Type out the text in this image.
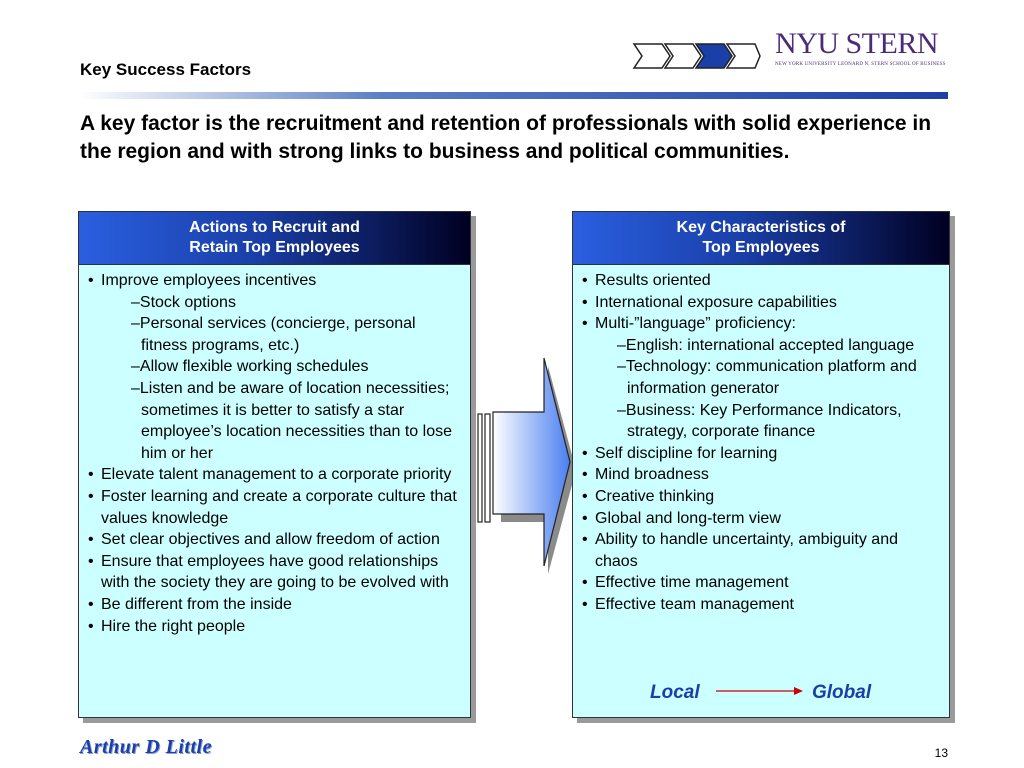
Key Success Factors
NYU STERN
NEW YORK UNIVERSITY LEONARD N. STERN SCHOOL OF BUSINESS
A key factor is the recruitment and retention of professionals with solid experience in the region and with strong links to business and political communities.
Actions to Recruit and
Retain Top Employees
• Improve employees incentives
–Stock options
–Personal services (concierge, personal fitness programs, etc.)
–Allow flexible working schedules
–Listen and be aware of location necessities; sometimes it is better to satisfy a star employee’s location necessities than to lose him or her
• Elevate talent management to a corporate priority
• Foster learning and create a corporate culture that values knowledge
• Set clear objectives and allow freedom of action
• Ensure that employees have good relationships with the society they are going to be evolved with
• Be different from the inside
• Hire the right people
Key Characteristics of
Top Employees
• Results oriented
• International exposure capabilities
• Multi-”language” proficiency:
–English: international accepted language
–Technology: communication platform and information generator
–Business: Key Performance Indicators, strategy, corporate finance
• Self discipline for learning
• Mind broadness
• Creative thinking
• Global and long-term view
• Ability to handle uncertainty, ambiguity and chaos
• Effective time management
• Effective team management
Local	Global
Arthur D Little	13
